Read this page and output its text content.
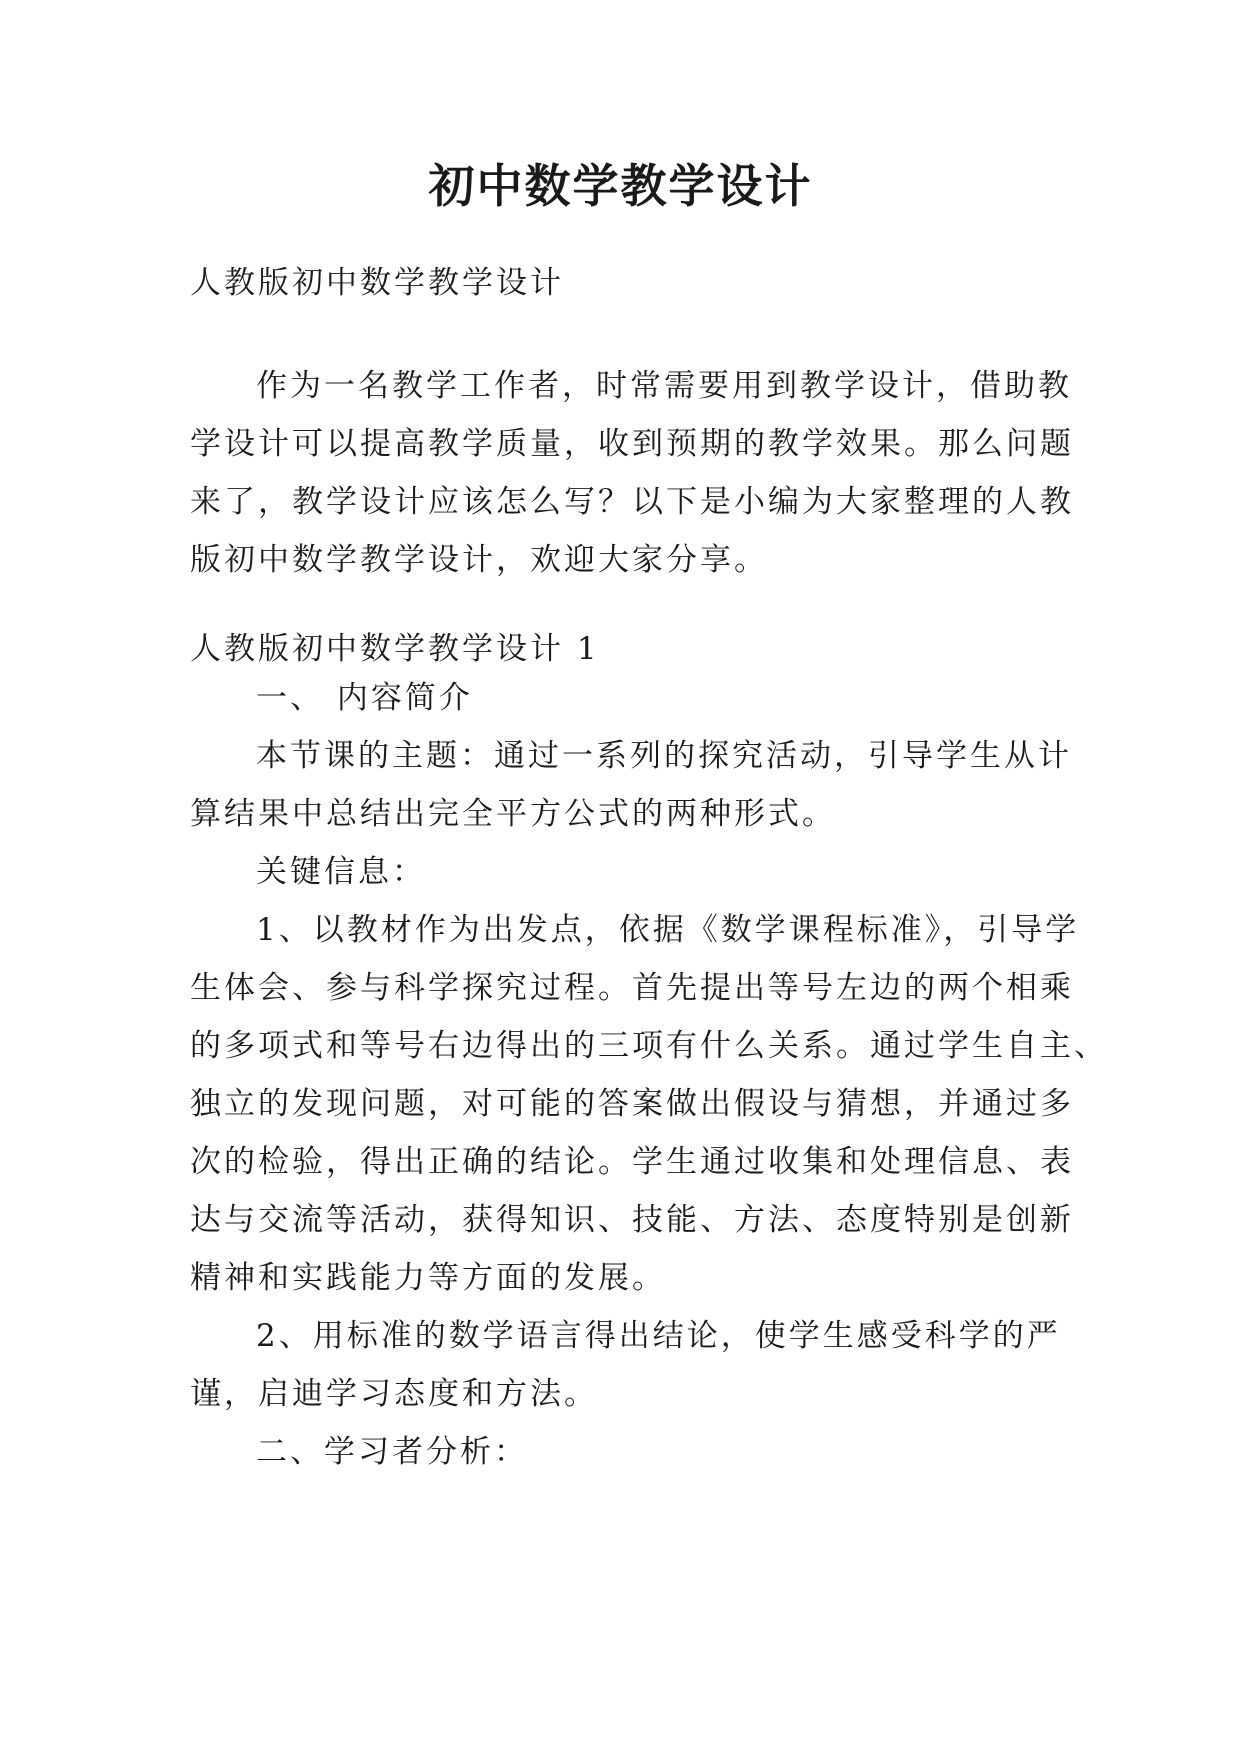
初中数学教学设计

人教版初中数学教学设计

作为一名教学工作者，时常需要用到教学设计，借助教
学设计可以提高教学质量，收到预期的教学效果。那么问题
来了，教学设计应该怎么写？以下是小编为大家整理的人教
版初中数学教学设计，欢迎大家分享。

人教版初中数学教学设计 1

一、 内容简介
本节课的主题：通过一系列的探究活动，引导学生从计
算结果中总结出完全平方公式的两种形式。
关键信息：
1、以教材作为出发点，依据《数学课程标准》，引导学
生体会、参与科学探究过程。首先提出等号左边的两个相乘
的多项式和等号右边得出的三项有什么关系。通过学生自主、
独立的发现问题，对可能的答案做出假设与猜想，并通过多
次的检验，得出正确的结论。学生通过收集和处理信息、表
达与交流等活动，获得知识、技能、方法、态度特别是创新
精神和实践能力等方面的发展。
2、用标准的数学语言得出结论，使学生感受科学的严
谨，启迪学习态度和方法。
二、学习者分析：
